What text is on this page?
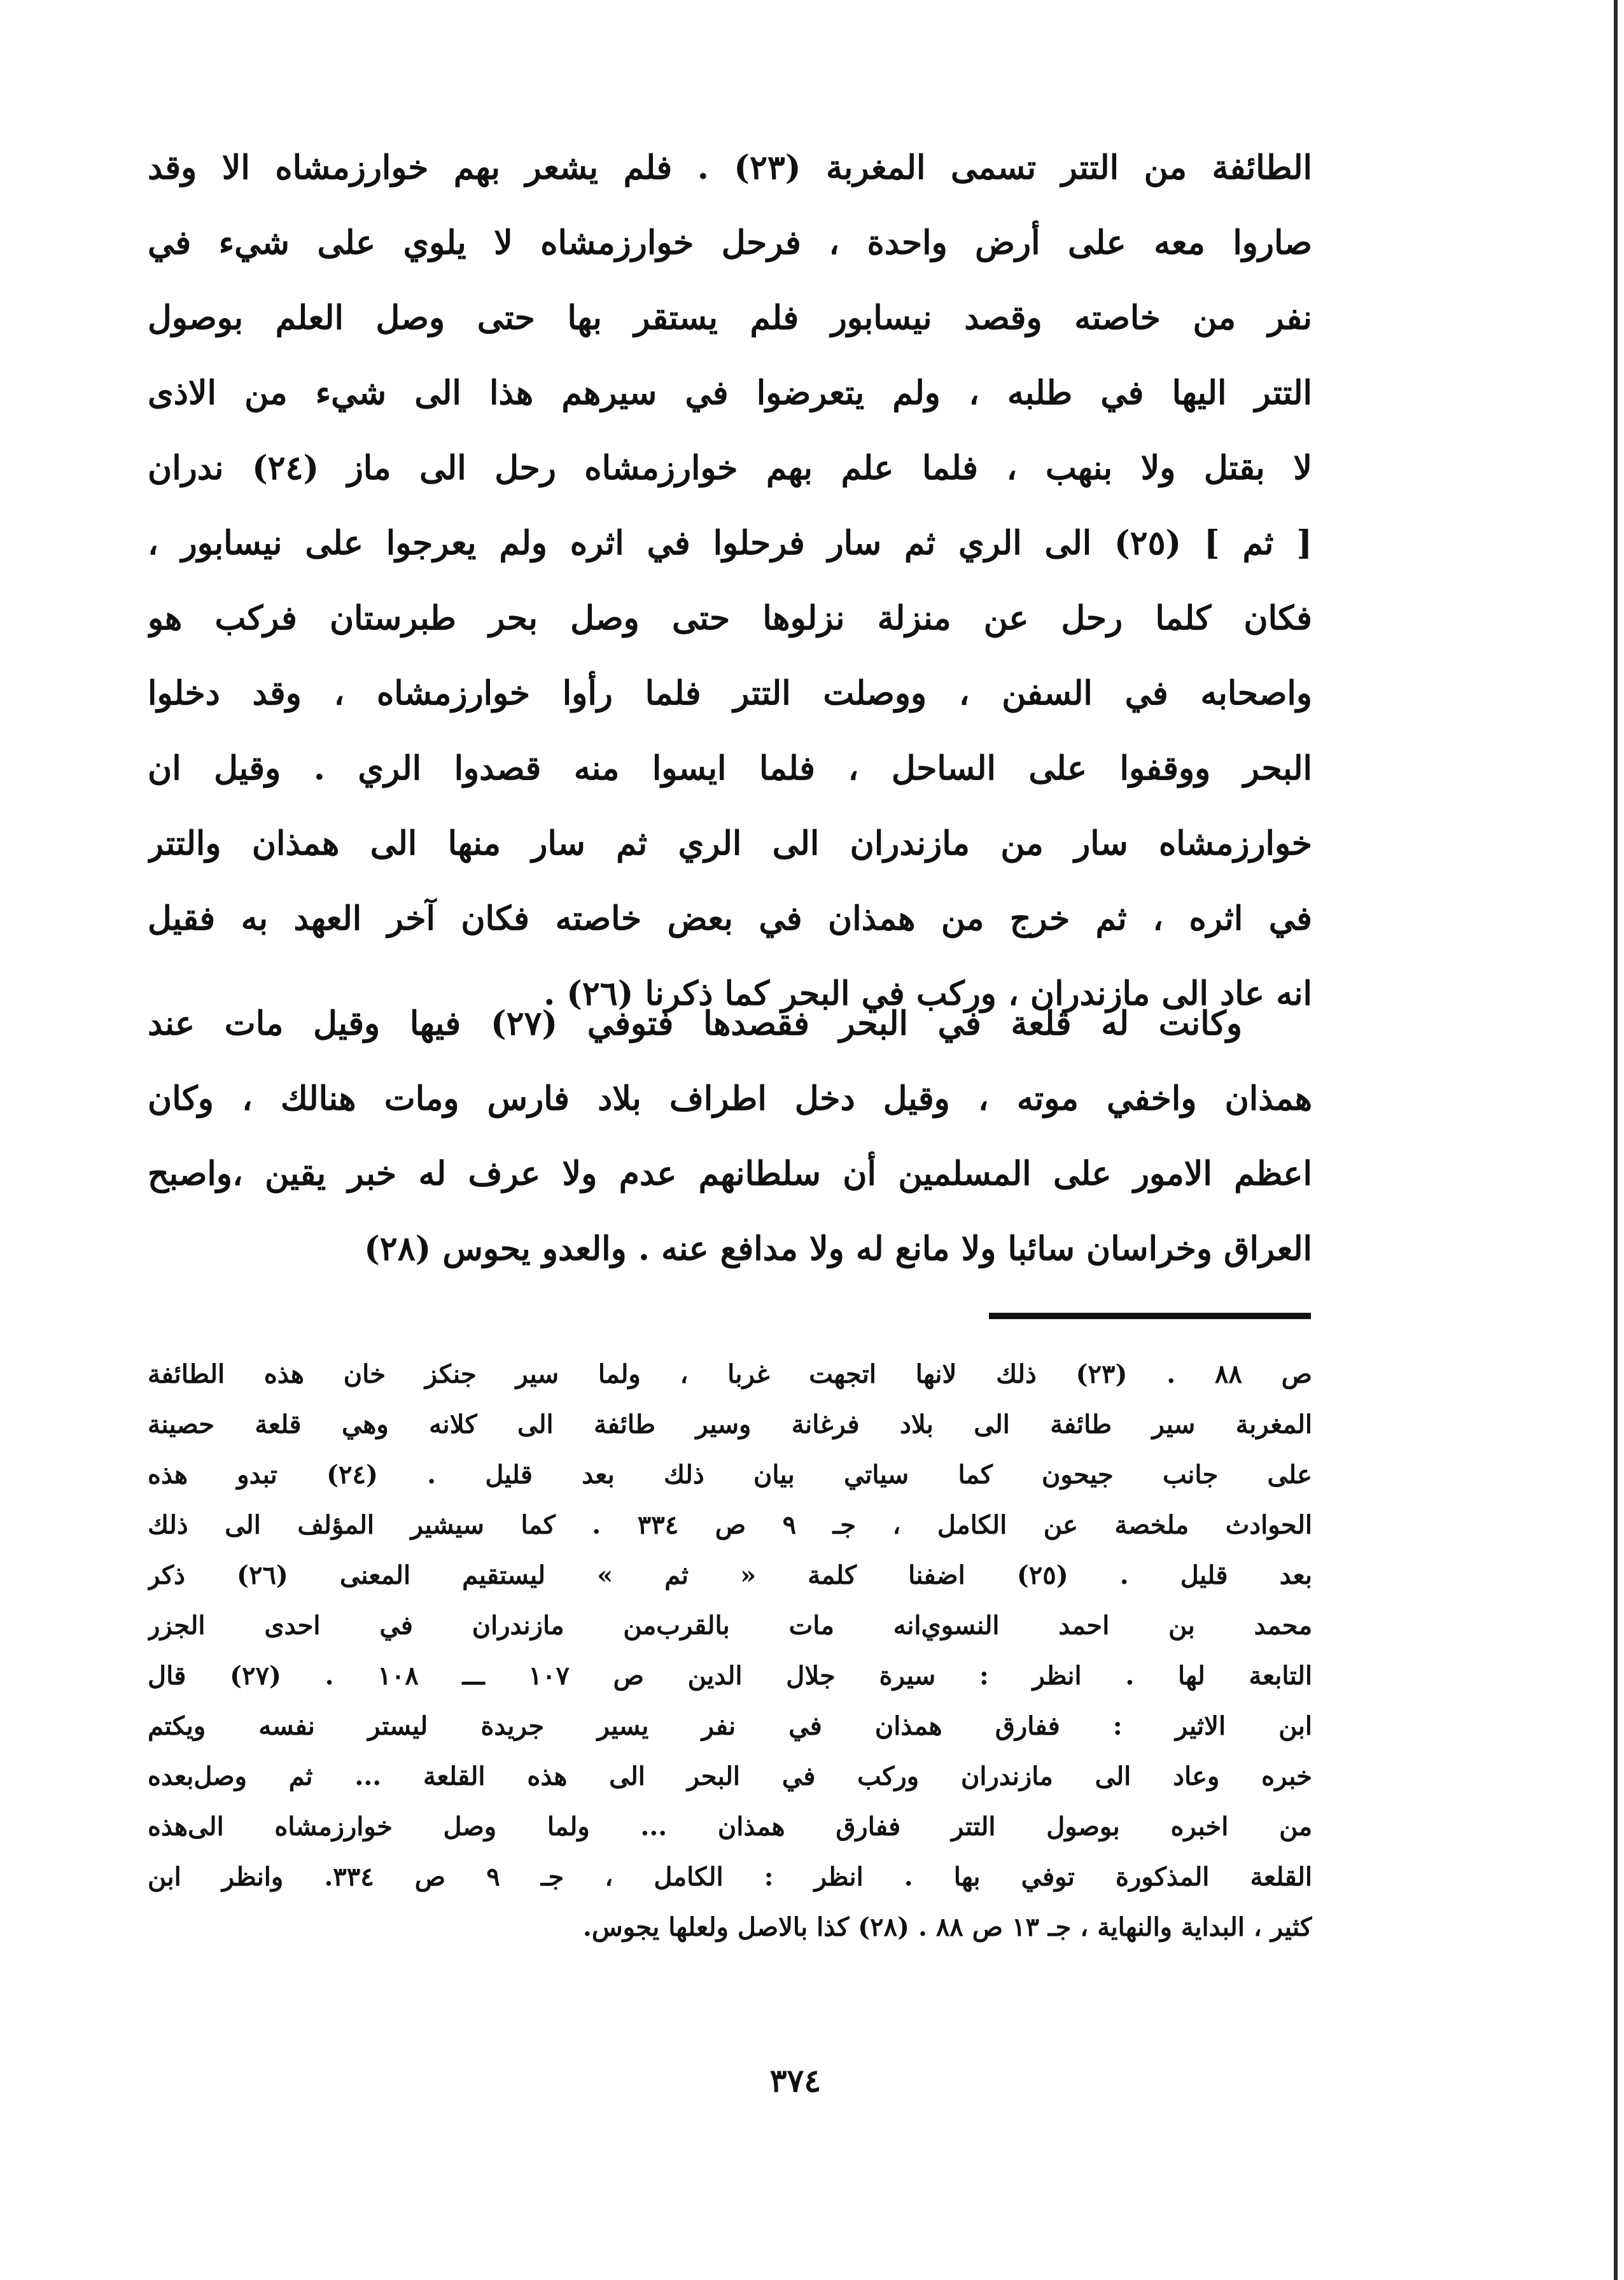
الطائفة من التتر تسمى المغربة (٢٣) . فلم يشعر بهم خوارزمشاه الا وقد
صاروا معه على أرض واحدة ، فرحل خوارزمشاه لا يلوي على شيء في
نفر من خاصته وقصد نيسابور فلم يستقر بها حتى وصل العلم بوصول
التتر اليها في طلبه ، ولم يتعرضوا في سيرهم هذا الى شيء من الاذى
لا بقتل ولا بنهب ، فلما علم بهم خوارزمشاه رحل الى ماز (٢٤) ندران
[ ثم ] (٢٥) الى الري ثم سار فرحلوا في اثره ولم يعرجوا على نيسابور ،
فكان كلما رحل عن منزلة نزلوها حتى وصل بحر طبرستان فركب هو
واصحابه في السفن ، ووصلت التتر فلما رأوا خوارزمشاه ، وقد دخلوا
البحر ووقفوا على الساحل ، فلما ايسوا منه قصدوا الري . وقيل ان
خوارزمشاه سار من مازندران الى الري ثم سار منها الى همذان والتتر
في اثره ، ثم خرج من همذان في بعض خاصته فكان آخر العهد به فقيل
انه عاد الى مازندران ، وركب في البحر كما ذكرنا (٢٦) .
وكانت له قلعة في البحر فقصدها فتوفي (٢٧) فيها وقيل مات عند
همذان واخفي موته ، وقيل دخل اطراف بلاد فارس ومات هنالك ، وكان
اعظم الامور على المسلمين أن سلطانهم عدم ولا عرف له خبر يقين ،واصبح
العراق وخراسان سائبا ولا مانع له ولا مدافع عنه . والعدو يحوس (٢٨)
ص ٨٨ . (٢٣) ذلك لانها اتجهت غربا ، ولما سير جنكز خان هذه الطائفة
المغربة سير طائفة الى بلاد فرغانة وسير طائفة الى كلانه وهي قلعة حصينة
على جانب جيحون كما سياتي بيان ذلك بعد قليل . (٢٤) تبدو هذه
الحوادث ملخصة عن الكامل ، جـ ٩ ص ٣٣٤ . كما سيشير المؤلف الى ذلك
بعد قليل . (٢٥) اضفنا كلمة « ثم » ليستقيم المعنى (٢٦) ذكر
محمد بن احمد النسوي‌انه مات بالقرب‌من مازندران في احدى الجزر
التابعة لها . انظر : سيرة جلال الدين ص ١٠٧ ـــ ١٠٨ . (٢٧) قال
ابن الاثير : ففارق همذان في نفر يسير جريدة ليستر نفسه ويكتم
خبره وعاد الى مازندران وركب في البحر الى هذه القلعة ... ثم وصل‌بعده
من اخبره بوصول التتر ففارق همذان ... ولما وصل خوارزمشاه الى‌هذه
القلعة المذكورة توفي بها . انظر : الكامل ، جـ ٩ ص ٣٣٤. وانظر ابن
كثير ، البداية والنهاية ، جـ ١٣ ص ٨٨ . (٢٨) كذا بالاصل ولعلها يجوس.
٣٧٤
